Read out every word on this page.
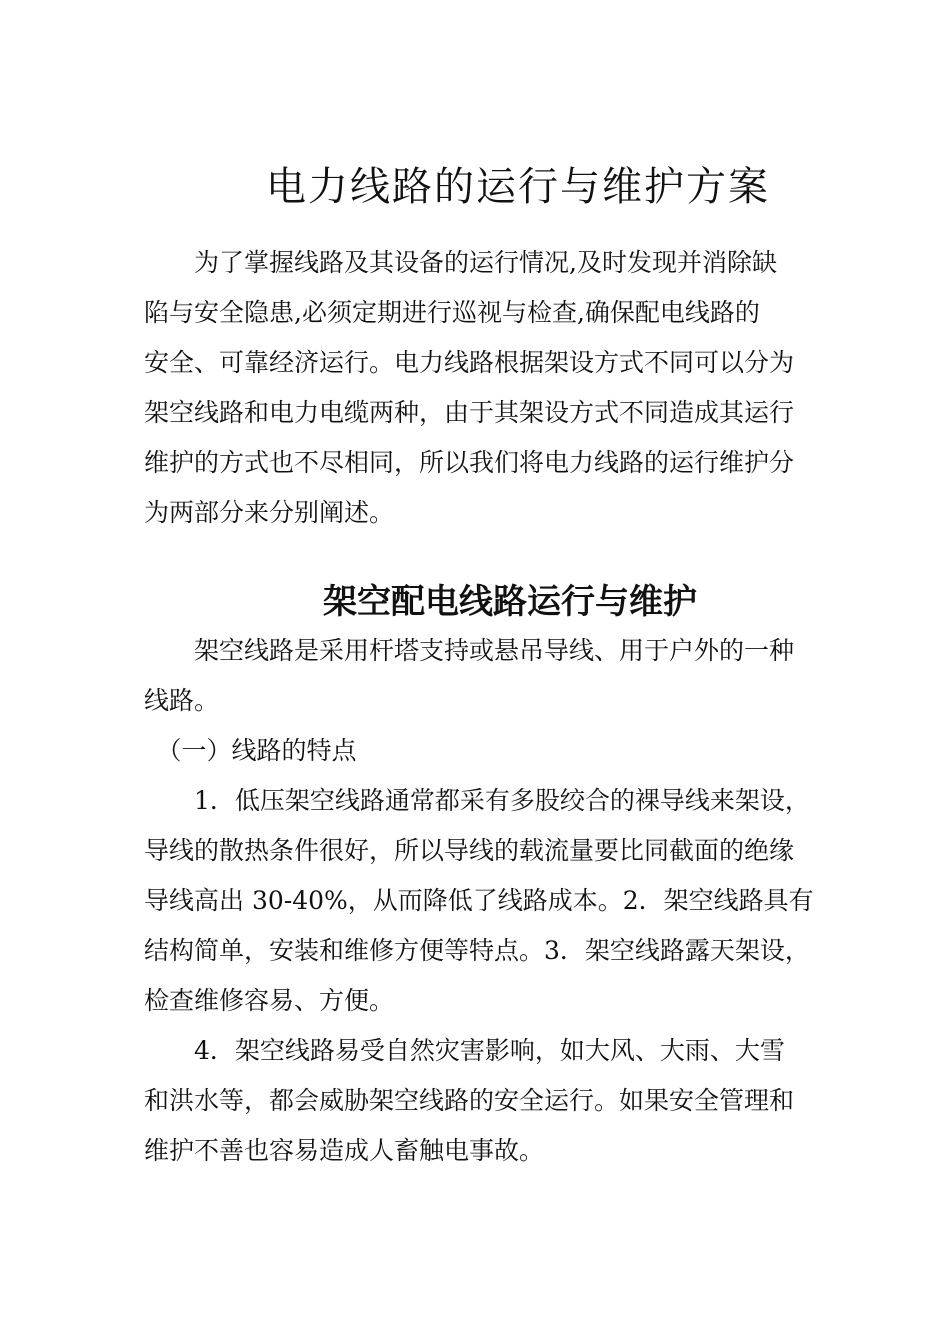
电力线路的运行与维护方案
　　为了掌握线路及其设备的运行情况,及时发现并消除缺
陷与安全隐患,必须定期进行巡视与检查,确保配电线路的
安全、可靠经济运行。电力线路根据架设方式不同可以分为
架空线路和电力电缆两种，由于其架设方式不同造成其运行
维护的方式也不尽相同，所以我们将电力线路的运行维护分
为两部分来分别阐述。
架空配电线路运行与维护
　　架空线路是采用杆塔支持或悬吊导线、用于户外的一种
线路。
　（一）线路的特点
　　1．低压架空线路通常都采有多股绞合的裸导线来架设，
导线的散热条件很好，所以导线的载流量要比同截面的绝缘
导线高出 30-40%，从而降低了线路成本。2．架空线路具有
结构简单，安装和维修方便等特点。3．架空线路露天架设，
检查维修容易、方便。
　　4．架空线路易受自然灾害影响，如大风、大雨、大雪
和洪水等，都会威胁架空线路的安全运行。如果安全管理和
维护不善也容易造成人畜触电事故。
